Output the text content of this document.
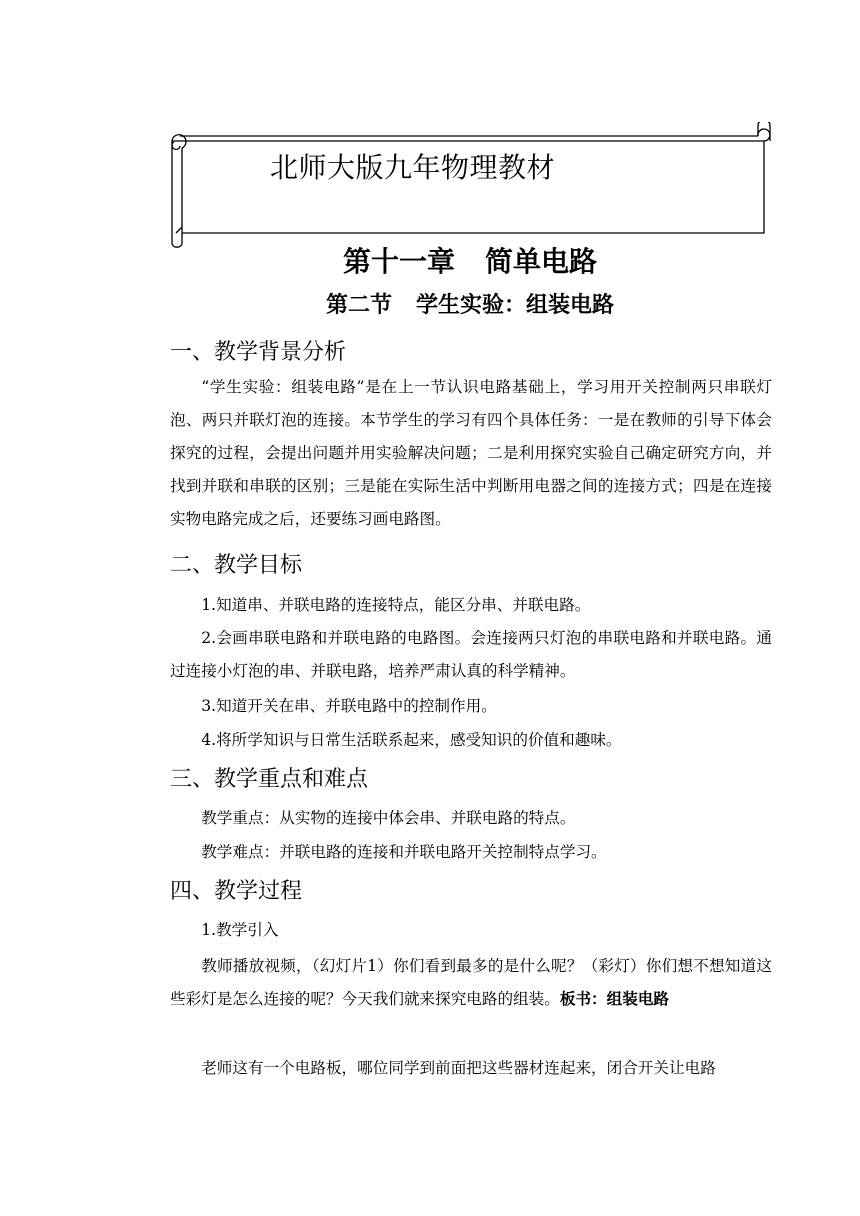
北师大版九年物理教材
第十一章 简单电路
第二节 学生实验：组装电路
一、教学背景分析
“学生实验：组装电路”是在上一节认识电路基础上，学习用开关控制两只串联灯泡、两只并联灯泡的连接。本节学生的学习有四个具体任务：一是在教师的引导下体会探究的过程，会提出问题并用实验解决问题；二是利用探究实验自己确定研究方向，并找到并联和串联的区别；三是能在实际生活中判断用电器之间的连接方式；四是在连接实物电路完成之后，还要练习画电路图。
二、教学目标
1.知道串、并联电路的连接特点，能区分串、并联电路。
2.会画串联电路和并联电路的电路图。会连接两只灯泡的串联电路和并联电路。通过连接小灯泡的串、并联电路，培养严肃认真的科学精神。
3.知道开关在串、并联电路中的控制作用。
4.将所学知识与日常生活联系起来，感受知识的价值和趣味。
三、教学重点和难点
教学重点：从实物的连接中体会串、并联电路的特点。
教学难点：并联电路的连接和并联电路开关控制特点学习。
四、教学过程
1.教学引入
教师播放视频，（幻灯片1）你们看到最多的是什么呢？（彩灯）你们想不想知道这些彩灯是怎么连接的呢？今天我们就来探究电路的组装。板书：组装电路
老师这有一个电路板，哪位同学到前面把这些器材连起来，闭合开关让电路
